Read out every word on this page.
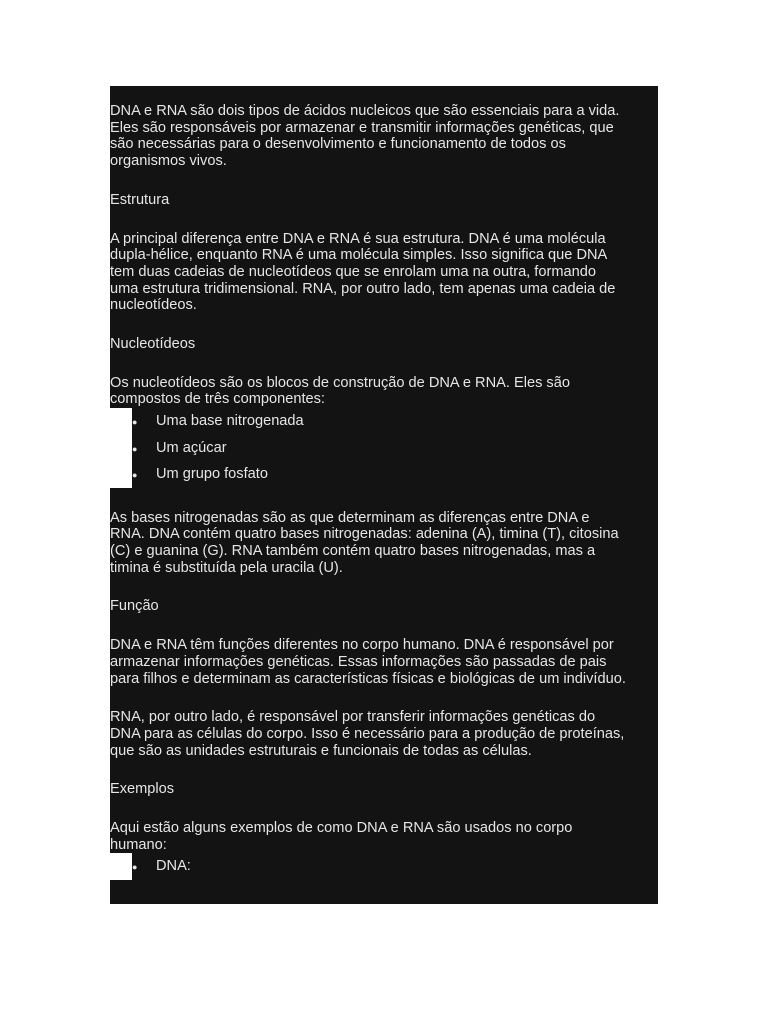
DNA e RNA são dois tipos de ácidos nucleicos que são essenciais para a vida.
Eles são responsáveis por armazenar e transmitir informações genéticas, que
são necessárias para o desenvolvimento e funcionamento de todos os
organismos vivos.
Estrutura
A principal diferença entre DNA e RNA é sua estrutura. DNA é uma molécula
dupla-hélice, enquanto RNA é uma molécula simples. Isso significa que DNA
tem duas cadeias de nucleotídeos que se enrolam uma na outra, formando
uma estrutura tridimensional. RNA, por outro lado, tem apenas uma cadeia de
nucleotídeos.
Nucleotídeos
Os nucleotídeos são os blocos de construção de DNA e RNA. Eles são
compostos de três componentes:
●	Uma base nitrogenada
●	Um açúcar
●	Um grupo fosfato
As bases nitrogenadas são as que determinam as diferenças entre DNA e
RNA. DNA contém quatro bases nitrogenadas: adenina (A), timina (T), citosina
(C) e guanina (G). RNA também contém quatro bases nitrogenadas, mas a
timina é substituída pela uracila (U).
Função
DNA e RNA têm funções diferentes no corpo humano. DNA é responsável por
armazenar informações genéticas. Essas informações são passadas de pais
para filhos e determinam as características físicas e biológicas de um indivíduo.
RNA, por outro lado, é responsável por transferir informações genéticas do
DNA para as células do corpo. Isso é necessário para a produção de proteínas,
que são as unidades estruturais e funcionais de todas as células.
Exemplos
Aqui estão alguns exemplos de como DNA e RNA são usados no corpo
humano:
●	DNA:
